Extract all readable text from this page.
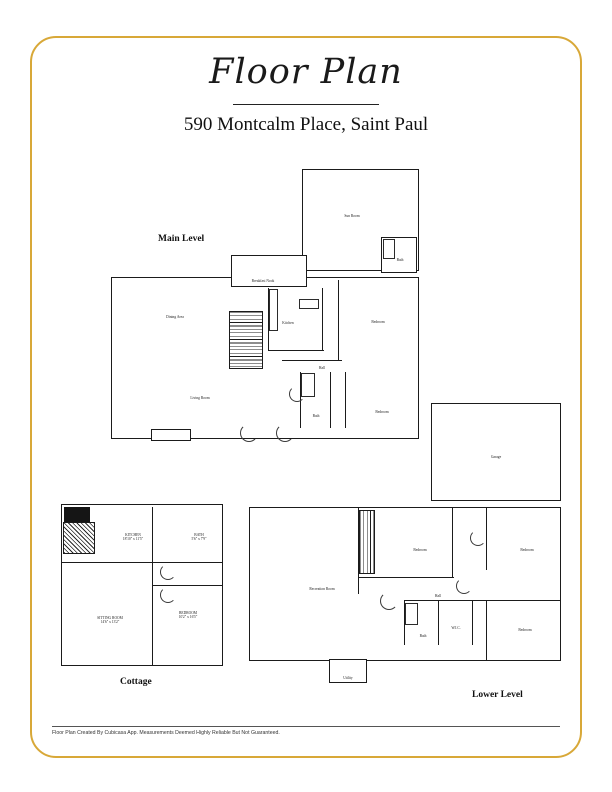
Floor Plan
590 Montcalm Place, Saint Paul
Main Level
Sun Room
Bath
Breakfast Nook
Dining Area
Kitchen	Bedroom
Living Room
Hall
Bath
Bedroom
KITCHEN
18'10" x 11'5"
BATH
5'6" x 7'9"
SITTING ROOM
14'6" x 13'2"
BEDROOM
10'2" x 16'5"
Cottage
Garage
Recreation Room
Bedroom	Bedroom
Bedroom
Hall
Bath
W.I.C.
Utility
Lower Level
Floor Plan Created By Cubicasa App. Measurements Deemed Highly Reliable But Not Guaranteed.
